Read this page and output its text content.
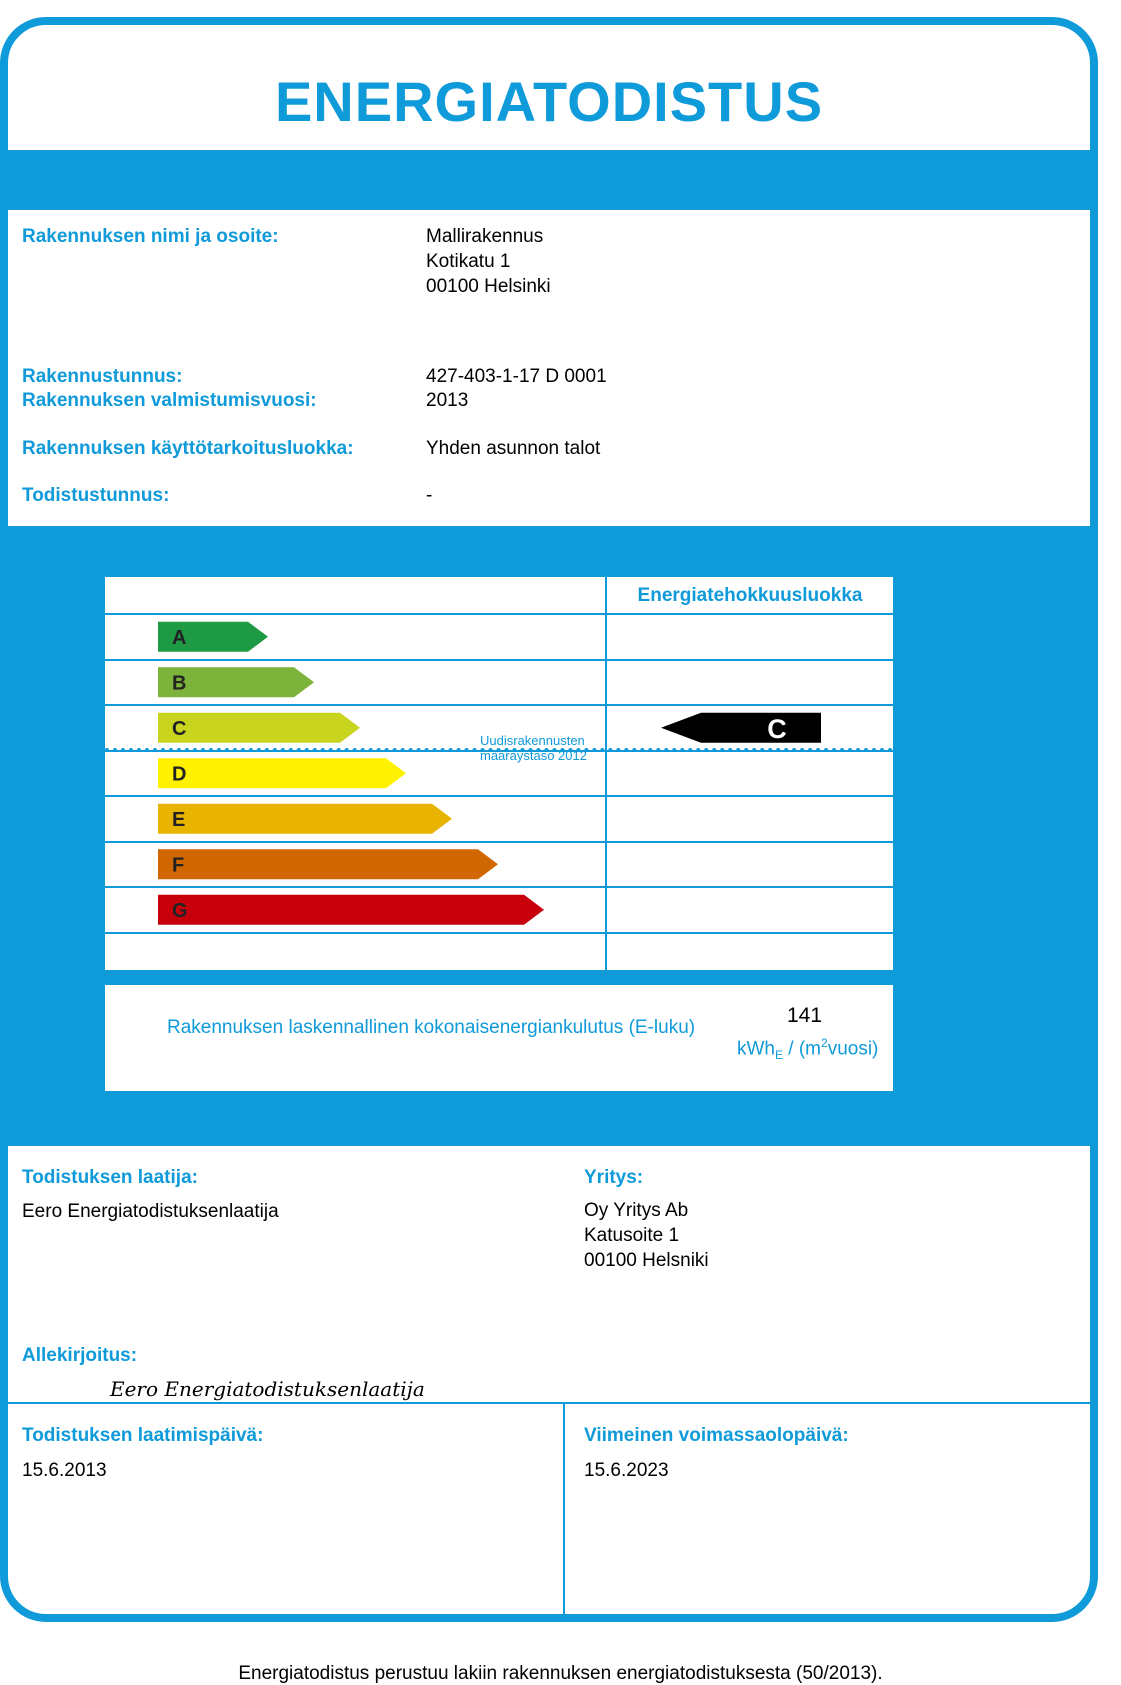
ENERGIATODISTUS
Rakennuksen nimi ja osoite:	Mallirakennus
Kotikatu 1
00100 Helsinki
Rakennustunnus:	427-403-1-17 D 0001
Rakennuksen valmistumisvuosi:	2013
Rakennuksen käyttötarkoitusluokka:	Yhden asunnon talot
Todistustunnus:	-
Energiatehokkuusluokka
A
B
C	C
D
E
F
G
Uudisrakennusten
määräystaso 2012
Rakennuksen laskennallinen kokonaisenergiankulutus (E-luku)
141
$kWh_E / (m^2vuosi)$
Todistuksen laatija:
Eero Energiatodistuksenlaatija
Yritys:
Oy Yritys Ab
Katusoite 1
00100 Helsniki
Allekirjoitus:
Eero Energiatodistuksenlaatija
Todistuksen laatimispäivä:
15.6.2013
Viimeinen voimassaolopäivä:
15.6.2023
Energiatodistus perustuu lakiin rakennuksen energiatodistuksesta (50/2013).
